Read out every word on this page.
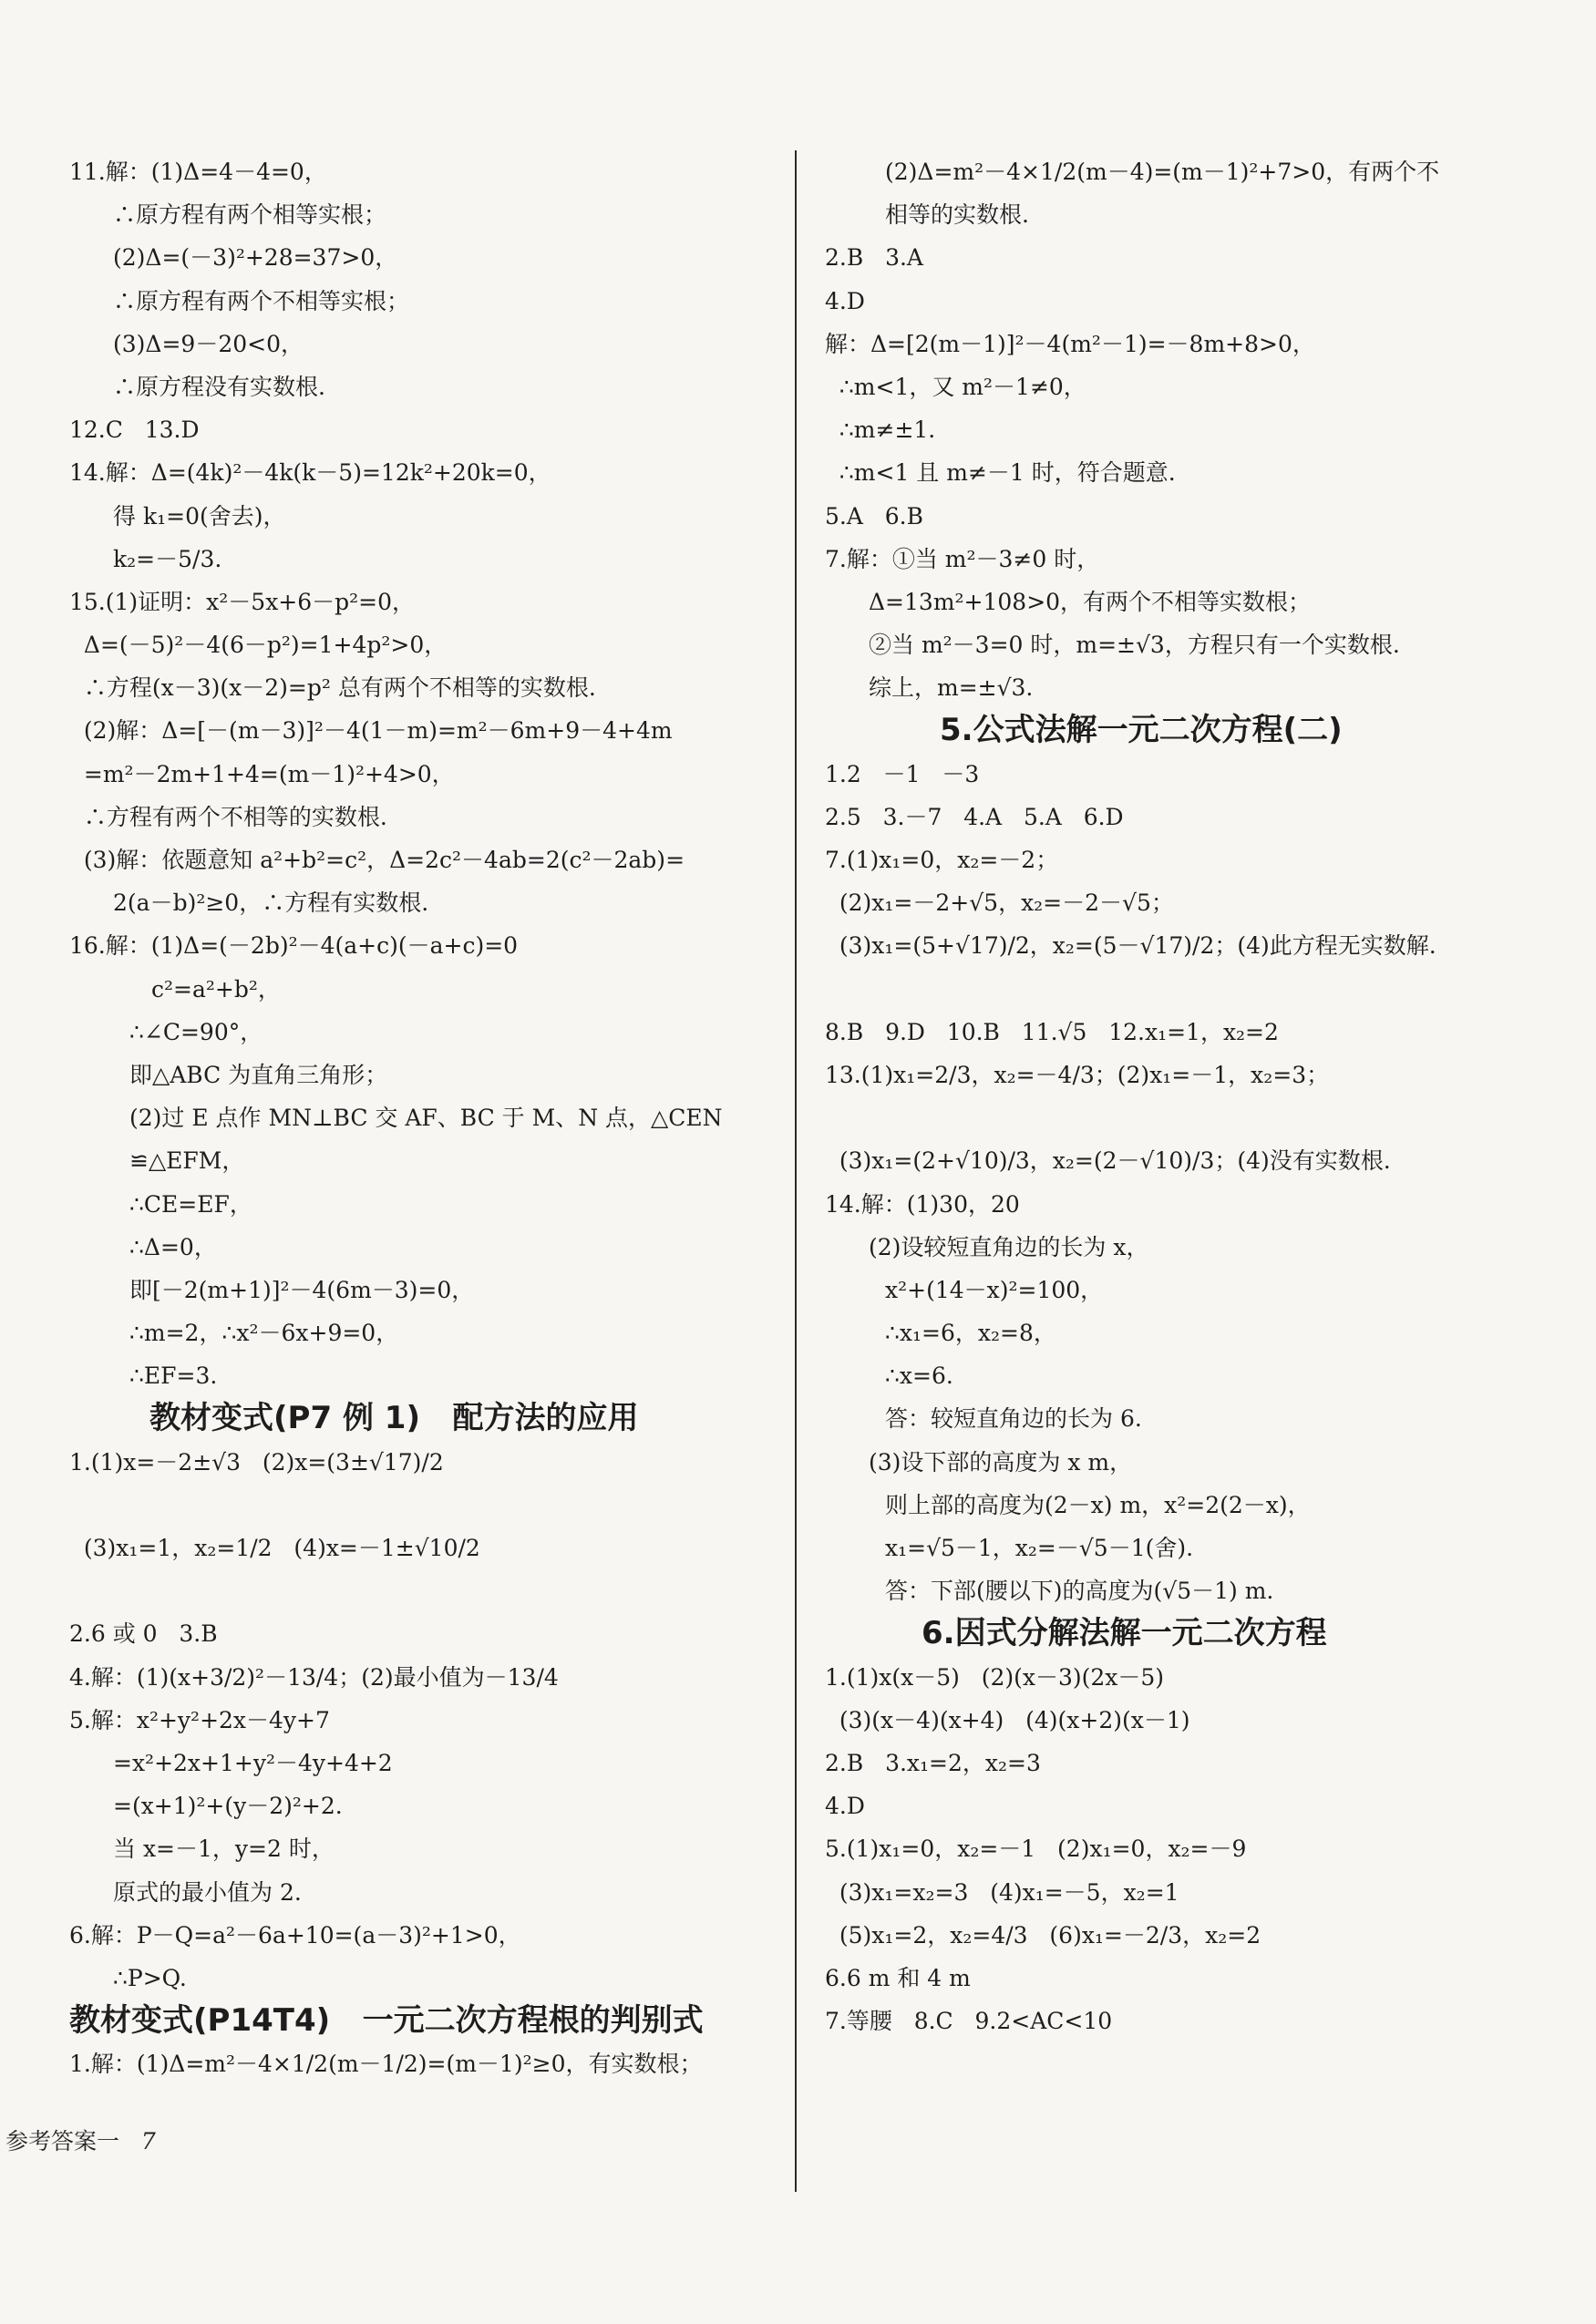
11.解：(1)Δ=4－4=0，
∴原方程有两个相等实根；
(2)Δ=(－3)²+28=37>0，
∴原方程有两个不相等实根；
(3)Δ=9－20<0，
∴原方程没有实数根.
12.C   13.D
14.解：Δ=(4k)²－4k(k－5)=12k²+20k=0，
得 k₁=0(舍去)，
k₂=－5/3.
15.(1)证明：x²－5x+6－p²=0，
Δ=(－5)²－4(6－p²)=1+4p²>0，
∴方程(x－3)(x－2)=p² 总有两个不相等的实数根.
(2)解：Δ=[－(m－3)]²－4(1－m)=m²－6m+9－4+4m
=m²－2m+1+4=(m－1)²+4>0，
∴方程有两个不相等的实数根.
(3)解：依题意知 a²+b²=c²，Δ=2c²－4ab=2(c²－2ab)=
2(a－b)²≥0，∴方程有实数根.
16.解：(1)Δ=(－2b)²－4(a+c)(－a+c)=0
c²=a²+b²，
∴∠C=90°，
即△ABC 为直角三角形；
(2)过 E 点作 MN⊥BC 交 AF、BC 于 M、N 点，△CEN
≌△EFM，
∴CE=EF，
∴Δ=0，
即[－2(m+1)]²－4(6m－3)=0，
∴m=2，∴x²－6x+9=0，
∴EF=3.
教材变式(P7 例 1)   配方法的应用
1.(1)x=－2±√3   (2)x=(3±√17)/2
(3)x₁=1，x₂=1/2   (4)x=－1±√10/2
2.6 或 0   3.B
4.解：(1)(x+3/2)²－13/4；(2)最小值为－13/4
5.解：x²+y²+2x－4y+7
=x²+2x+1+y²－4y+4+2
=(x+1)²+(y－2)²+2.
当 x=－1，y=2 时，
原式的最小值为 2.
6.解：P－Q=a²－6a+10=(a－3)²+1>0，
∴P>Q.
教材变式(P14T4)   一元二次方程根的判别式
1.解：(1)Δ=m²－4×1/2(m－1/2)=(m－1)²≥0，有实数根；
(2)Δ=m²－4×1/2(m－4)=(m－1)²+7>0，有两个不
相等的实数根.
2.B   3.A
4.D
解：Δ=[2(m－1)]²－4(m²－1)=－8m+8>0，
∴m<1，又 m²－1≠0，
∴m≠±1.
∴m<1 且 m≠－1 时，符合题意.
5.A   6.B
7.解：①当 m²－3≠0 时，
Δ=13m²+108>0，有两个不相等实数根；
②当 m²－3=0 时，m=±√3，方程只有一个实数根.
综上，m=±√3.
5.公式法解一元二次方程(二)
1.2   －1   －3
2.5   3.－7   4.A   5.A   6.D
7.(1)x₁=0，x₂=－2；
(2)x₁=－2+√5，x₂=－2－√5；
(3)x₁=(5+√17)/2，x₂=(5－√17)/2；(4)此方程无实数解.
8.B   9.D   10.B   11.√5   12.x₁=1，x₂=2
13.(1)x₁=2/3，x₂=－4/3；(2)x₁=－1，x₂=3；
(3)x₁=(2+√10)/3，x₂=(2－√10)/3；(4)没有实数根.
14.解：(1)30，20
(2)设较短直角边的长为 x，
x²+(14－x)²=100，
∴x₁=6，x₂=8，
∴x=6.
答：较短直角边的长为 6.
(3)设下部的高度为 x m，
则上部的高度为(2－x) m，x²=2(2－x)，
x₁=√5－1，x₂=－√5－1(舍).
答：下部(腰以下)的高度为(√5－1) m.
6.因式分解法解一元二次方程
1.(1)x(x－5)   (2)(x－3)(2x－5)
(3)(x－4)(x+4)   (4)(x+2)(x－1)
2.B   3.x₁=2，x₂=3
4.D
5.(1)x₁=0，x₂=－1   (2)x₁=0，x₂=－9
(3)x₁=x₂=3   (4)x₁=－5，x₂=1
(5)x₁=2，x₂=4/3   (6)x₁=－2/3，x₂=2
6.6 m 和 4 m
7.等腰   8.C   9.2<AC<10
参考答案一 7
